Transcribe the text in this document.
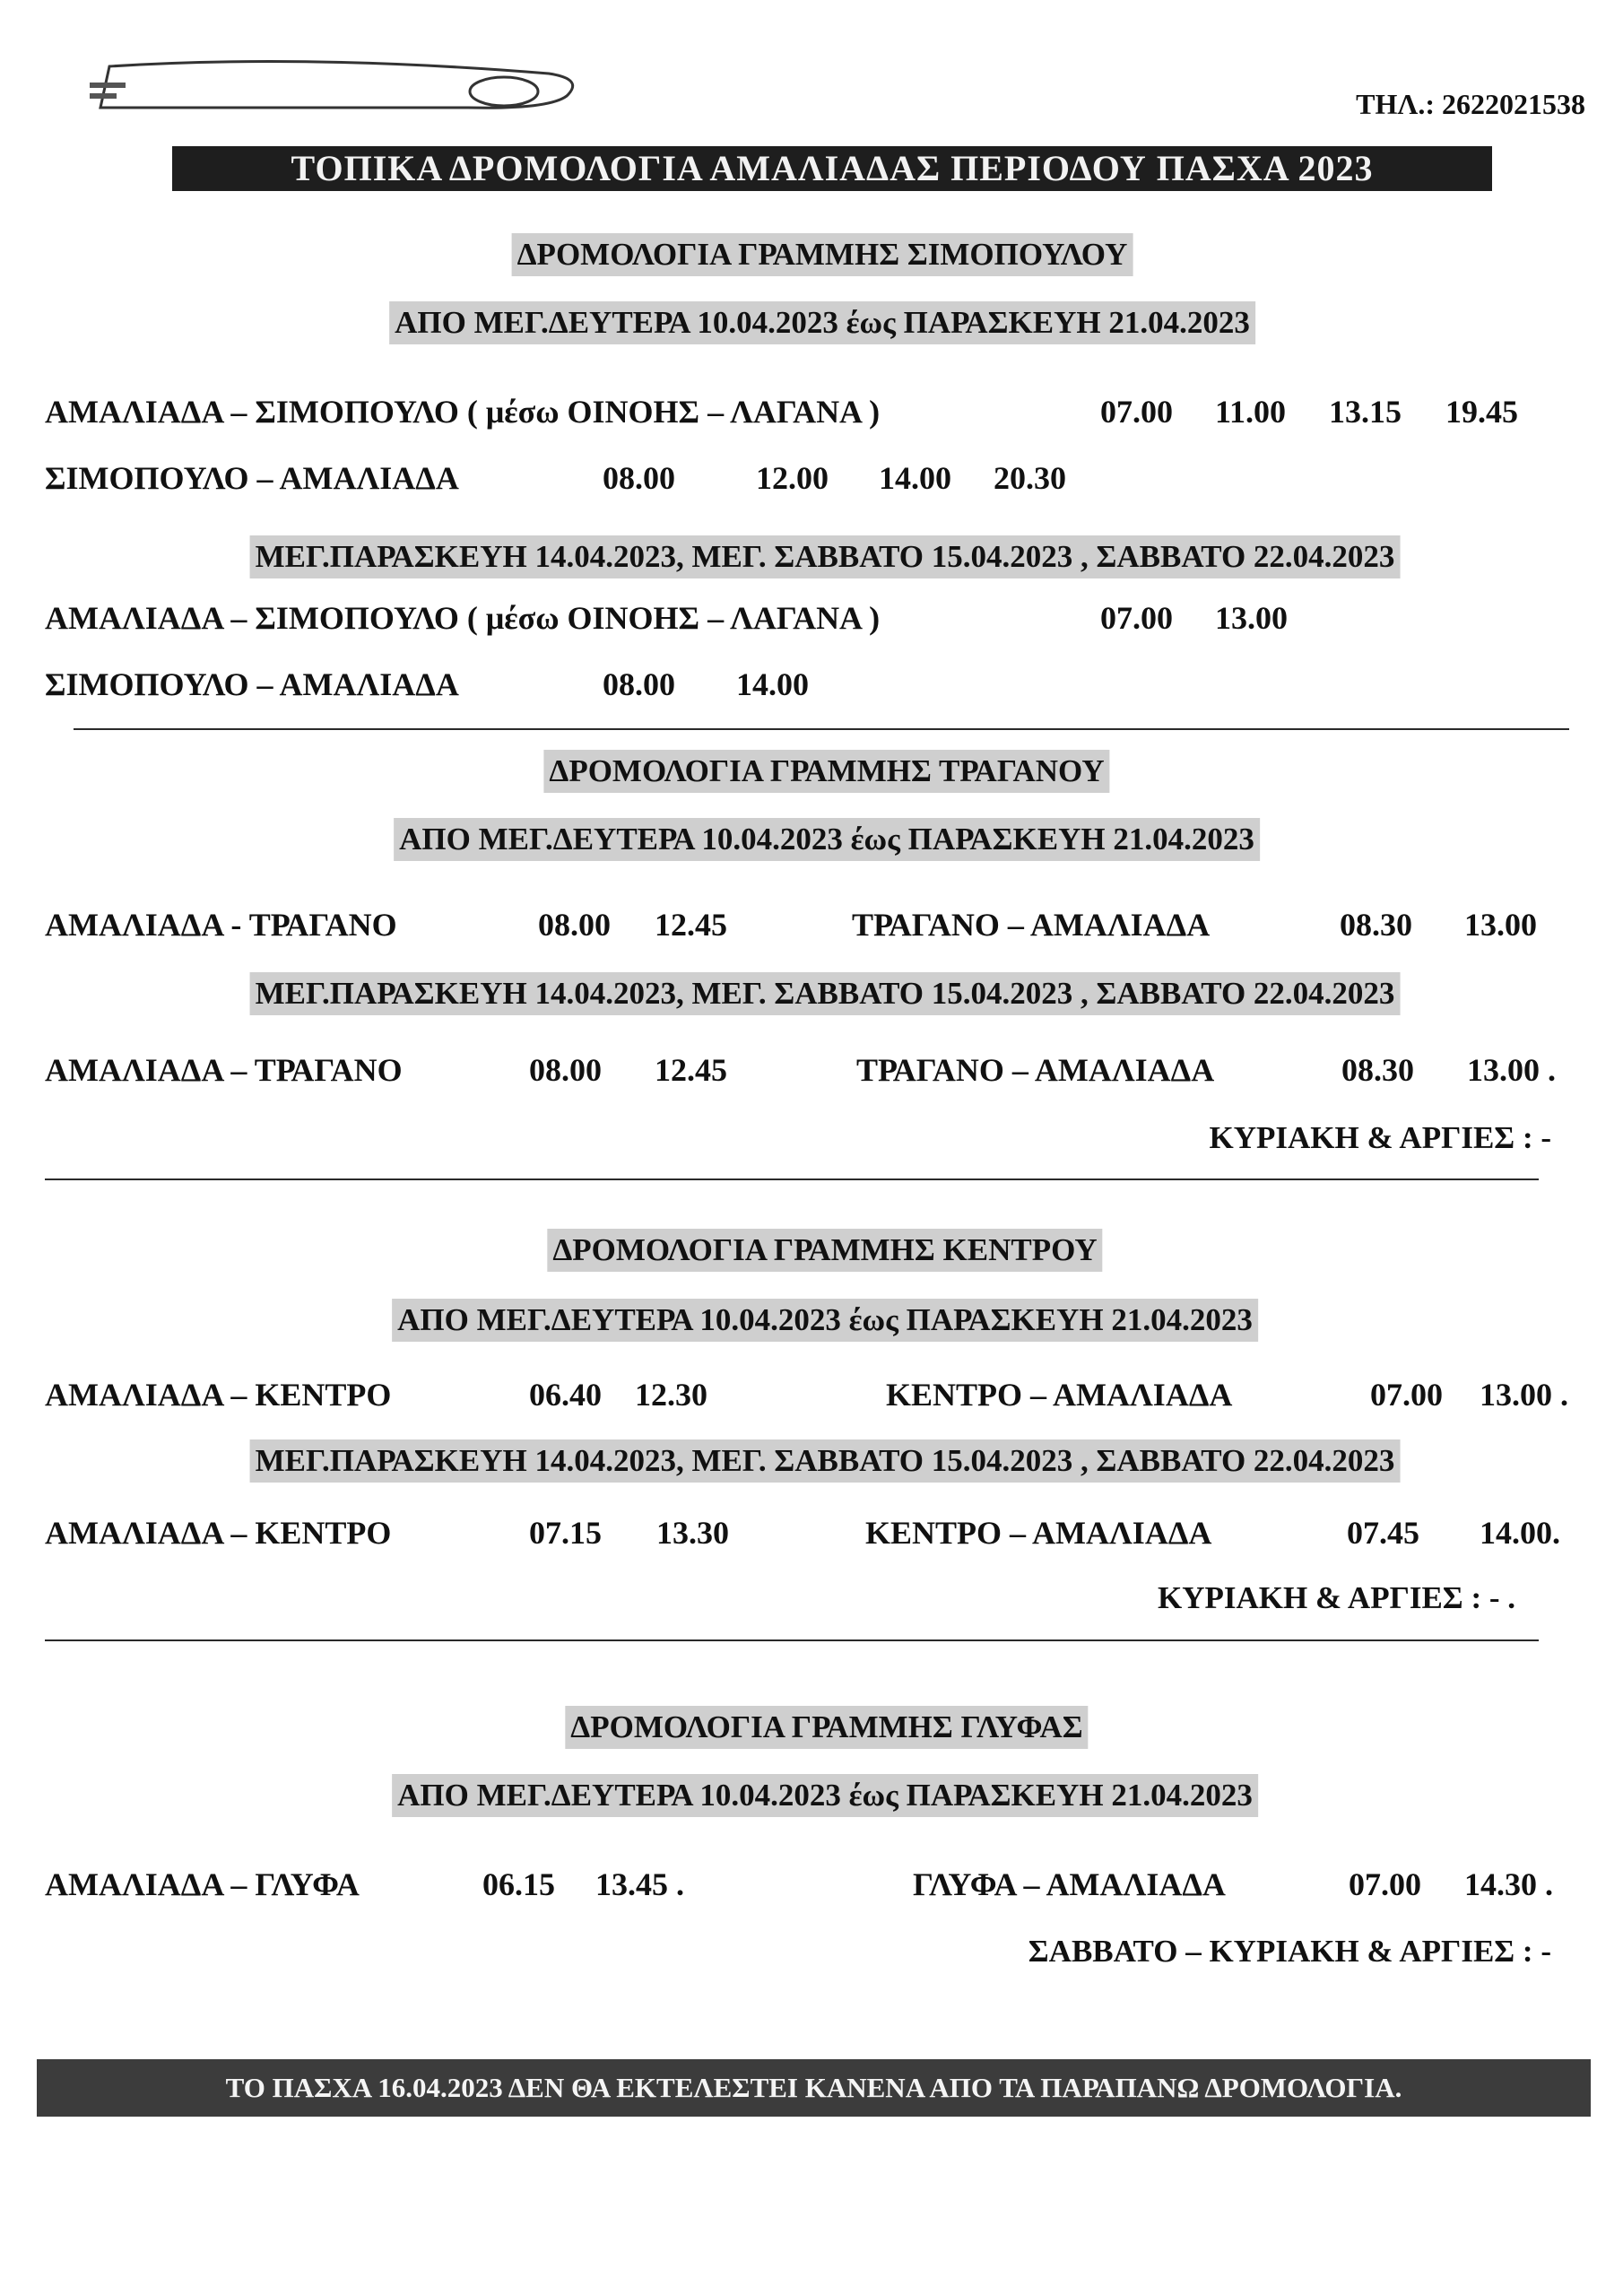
ΤΗΛ.: 2622021538
ΤΟΠΙΚΑ ΔΡΟΜΟΛΟΓΙΑ ΑΜΑΛΙΑΔΑΣ ΠΕΡΙΟΔΟΥ ΠΑΣΧΑ 2023
ΔΡΟΜΟΛΟΓΙΑ ΓΡΑΜΜΗΣ ΣΙΜΟΠΟΥΛΟΥ
ΑΠΟ ΜΕΓ.ΔΕΥΤΕΡΑ 10.04.2023 έως ΠΑΡΑΣΚΕΥΗ 21.04.2023
ΑΜΑΛΙΑΔΑ – ΣΙΜΟΠΟΥΛΟ ( μέσω ΟΙΝΟΗΣ – ΛΑΓΑΝΑ )	07.00 11.00 13.15 19.45
ΣΙΜΟΠΟΥΛΟ – ΑΜΑΛΙΑΔΑ	08.00	12.00 14.00 20.30
ΜΕΓ.ΠΑΡΑΣΚΕΥΗ 14.04.2023, ΜΕΓ. ΣΑΒΒΑΤΟ 15.04.2023 , ΣΑΒΒΑΤΟ 22.04.2023
ΑΜΑΛΙΑΔΑ – ΣΙΜΟΠΟΥΛΟ ( μέσω ΟΙΝΟΗΣ – ΛΑΓΑΝΑ )	07.00 13.00
ΣΙΜΟΠΟΥΛΟ – ΑΜΑΛΙΑΔΑ	08.00 14.00
ΔΡΟΜΟΛΟΓΙΑ ΓΡΑΜΜΗΣ ΤΡΑΓΑΝΟΥ
ΑΠΟ ΜΕΓ.ΔΕΥΤΕΡΑ 10.04.2023 έως ΠΑΡΑΣΚΕΥΗ 21.04.2023
ΑΜΑΛΙΑΔΑ - ΤΡΑΓΑΝΟ	08.00 12.45	ΤΡΑΓΑΝΟ – ΑΜΑΛΙΑΔΑ	08.30 13.00
ΜΕΓ.ΠΑΡΑΣΚΕΥΗ 14.04.2023, ΜΕΓ. ΣΑΒΒΑΤΟ 15.04.2023 , ΣΑΒΒΑΤΟ 22.04.2023
ΑΜΑΛΙΑΔΑ – ΤΡΑΓΑΝΟ	08.00 12.45	ΤΡΑΓΑΝΟ – ΑΜΑΛΙΑΔΑ	08.30 13.00 .
ΚΥΡΙΑΚΗ & ΑΡΓΙΕΣ : -
ΔΡΟΜΟΛΟΓΙΑ ΓΡΑΜΜΗΣ ΚΕΝΤΡΟΥ
ΑΠΟ ΜΕΓ.ΔΕΥΤΕΡΑ 10.04.2023 έως ΠΑΡΑΣΚΕΥΗ 21.04.2023
ΑΜΑΛΙΑΔΑ – ΚΕΝΤΡΟ	06.40 12.30	ΚΕΝΤΡΟ – ΑΜΑΛΙΑΔΑ	07.00 13.00 .
ΜΕΓ.ΠΑΡΑΣΚΕΥΗ 14.04.2023, ΜΕΓ. ΣΑΒΒΑΤΟ 15.04.2023 , ΣΑΒΒΑΤΟ 22.04.2023
ΑΜΑΛΙΑΔΑ – ΚΕΝΤΡΟ	07.15 13.30	ΚΕΝΤΡΟ – ΑΜΑΛΙΑΔΑ	07.45 14.00.
ΚΥΡΙΑΚΗ & ΑΡΓΙΕΣ : - .
ΔΡΟΜΟΛΟΓΙΑ ΓΡΑΜΜΗΣ ΓΛΥΦΑΣ
ΑΠΟ ΜΕΓ.ΔΕΥΤΕΡΑ 10.04.2023 έως ΠΑΡΑΣΚΕΥΗ 21.04.2023
ΑΜΑΛΙΑΔΑ – ΓΛΥΦΑ	06.15 13.45 .	ΓΛΥΦΑ – ΑΜΑΛΙΑΔΑ	07.00 14.30 .
ΣΑΒΒΑΤΟ – ΚΥΡΙΑΚΗ & ΑΡΓΙΕΣ : -
ΤΟ ΠΑΣΧΑ 16.04.2023 ΔΕΝ ΘΑ ΕΚΤΕΛΕΣΤΕΙ ΚΑΝΕΝΑ ΑΠΟ ΤΑ ΠΑΡΑΠΑΝΩ ΔΡΟΜΟΛΟΓΙΑ.
